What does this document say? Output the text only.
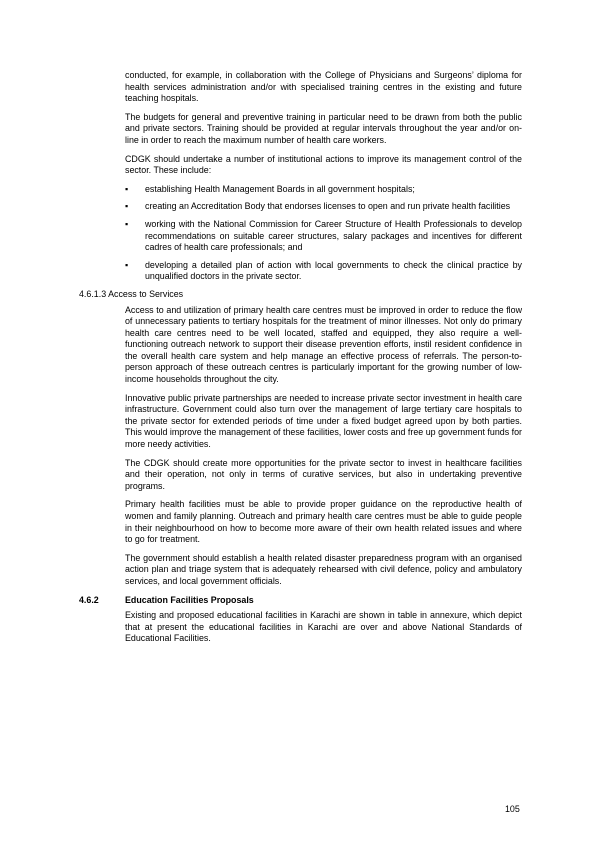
conducted, for example, in collaboration with the College of Physicians and Surgeons’ diploma for health services administration and/or with specialised training centres in the existing and future teaching hospitals.

The budgets for general and preventive training in particular need to be drawn from both the public and private sectors. Training should be provided at regular intervals throughout the year and/or on-line in order to reach the maximum number of health care workers.

CDGK should undertake a number of institutional actions to improve its management control of the sector. These include:

▪ establishing Health Management Boards in all government hospitals;
▪ creating an Accreditation Body that endorses licenses to open and run private health facilities
▪ working with the National Commission for Career Structure of Health Professionals to develop recommendations on suitable career structures, salary packages and incentives for different cadres of health care professionals; and
▪ developing a detailed plan of action with local governments to check the clinical practice by unqualified doctors in the private sector.
4.6.1.3 Access to Services

Access to and utilization of primary health care centres must be improved in order to reduce the flow of unnecessary patients to tertiary hospitals for the treatment of minor illnesses. Not only do primary health care centres need to be well located, staffed and equipped, they also require a well-functioning outreach network to support their disease prevention efforts, instil resident confidence in the overall health care system and help manage an effective process of referrals. The person-to-person approach of these outreach centres is particularly important for the growing number of low-income households throughout the city.

Innovative public private partnerships are needed to increase private sector investment in health care infrastructure. Government could also turn over the management of large tertiary care hospitals to the private sector for extended periods of time under a fixed budget agreed upon by both parties. This would improve the management of these facilities, lower costs and free up government funds for more needy activities.

The CDGK should create more opportunities for the private sector to invest in healthcare facilities and their operation, not only in terms of curative services, but also in undertaking preventive programs.

Primary health facilities must be able to provide proper guidance on the reproductive health of women and family planning. Outreach and primary health care centres must be able to guide people in their neighbourhood on how to become more aware of their own health related issues and where to go for treatment.

The government should establish a health related disaster preparedness program with an organised action plan and triage system that is adequately rehearsed with civil defence, policy and ambulatory services, and local government officials.

4.6.2	Education Facilities Proposals

Existing and proposed educational facilities in Karachi are shown in table in annexure, which depict that at present the educational facilities in Karachi are over and above National Standards of Educational Facilities.

105
